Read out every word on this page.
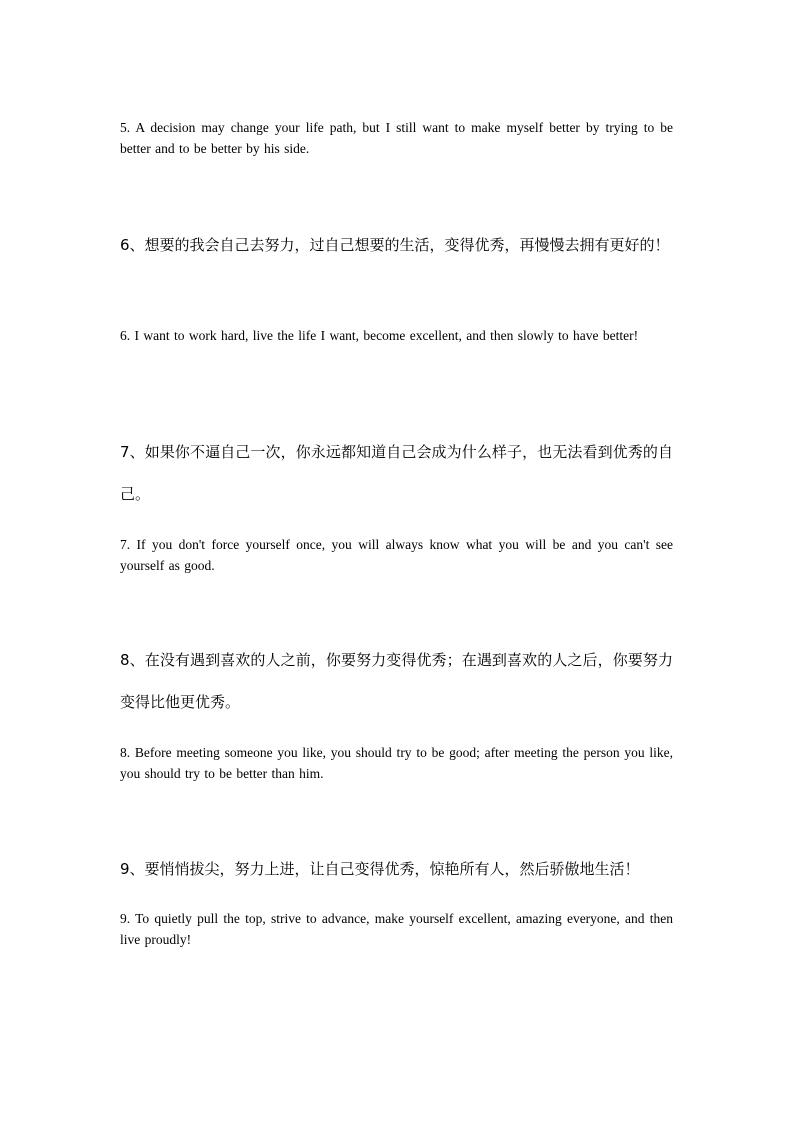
5. A decision may change your life path, but I still want to make myself better by trying to be better and to be better by his side.

6、想要的我会自己去努力，过自己想要的生活，变得优秀，再慢慢去拥有更好的！

6. I want to work hard, live the life I want, become excellent, and then slowly to have better!

7、如果你不逼自己一次，你永远都知道自己会成为什么样子，也无法看到优秀的自己。

7. If you don't force yourself once, you will always know what you will be and you can't see yourself as good.

8、在没有遇到喜欢的人之前，你要努力变得优秀；在遇到喜欢的人之后，你要努力变得比他更优秀。

8. Before meeting someone you like, you should try to be good; after meeting the person you like, you should try to be better than him.

9、要悄悄拔尖，努力上进，让自己变得优秀，惊艳所有人，然后骄傲地生活！

9. To quietly pull the top, strive to advance, make yourself excellent, amazing everyone, and then live proudly!
